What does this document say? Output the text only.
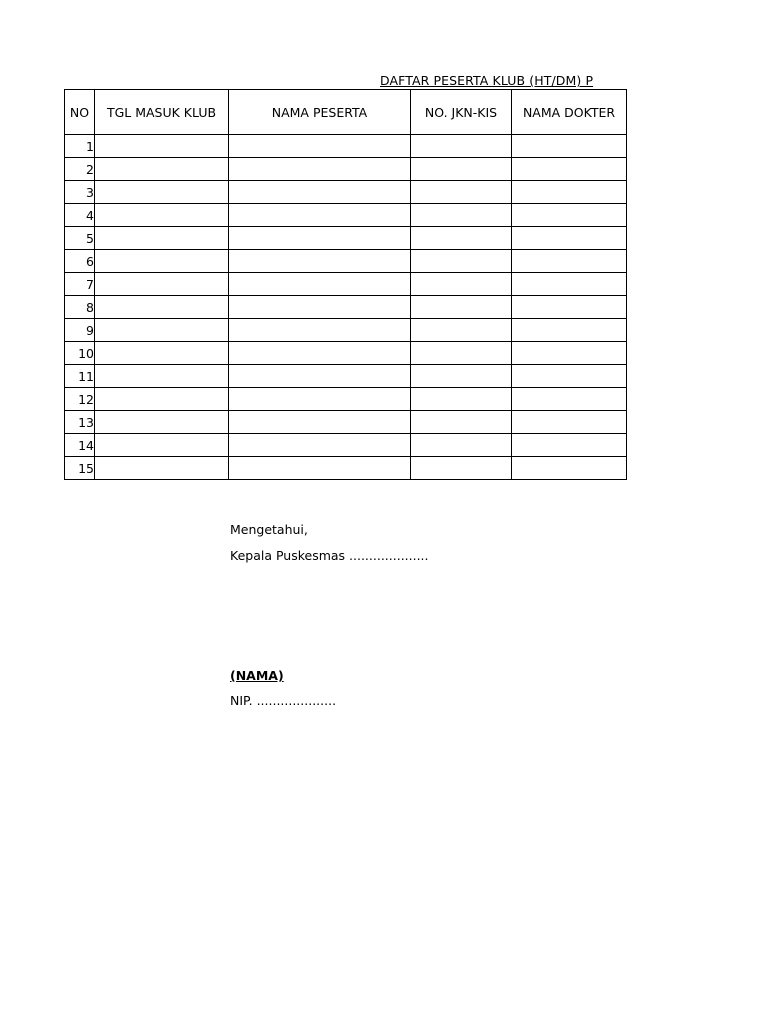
DAFTAR PESERTA KLUB (HT/DM) P
NO	TGL MASUK KLUB	NAMA PESERTA	NO. JKN-KIS	NAMA DOKTER
1				
2				
3				
4				
5				
6				
7				
8				
9				
10				
11				
12				
13				
14				
15				
Mengetahui,
Kepala Puskesmas ....................
(NAMA)
NIP. ....................
